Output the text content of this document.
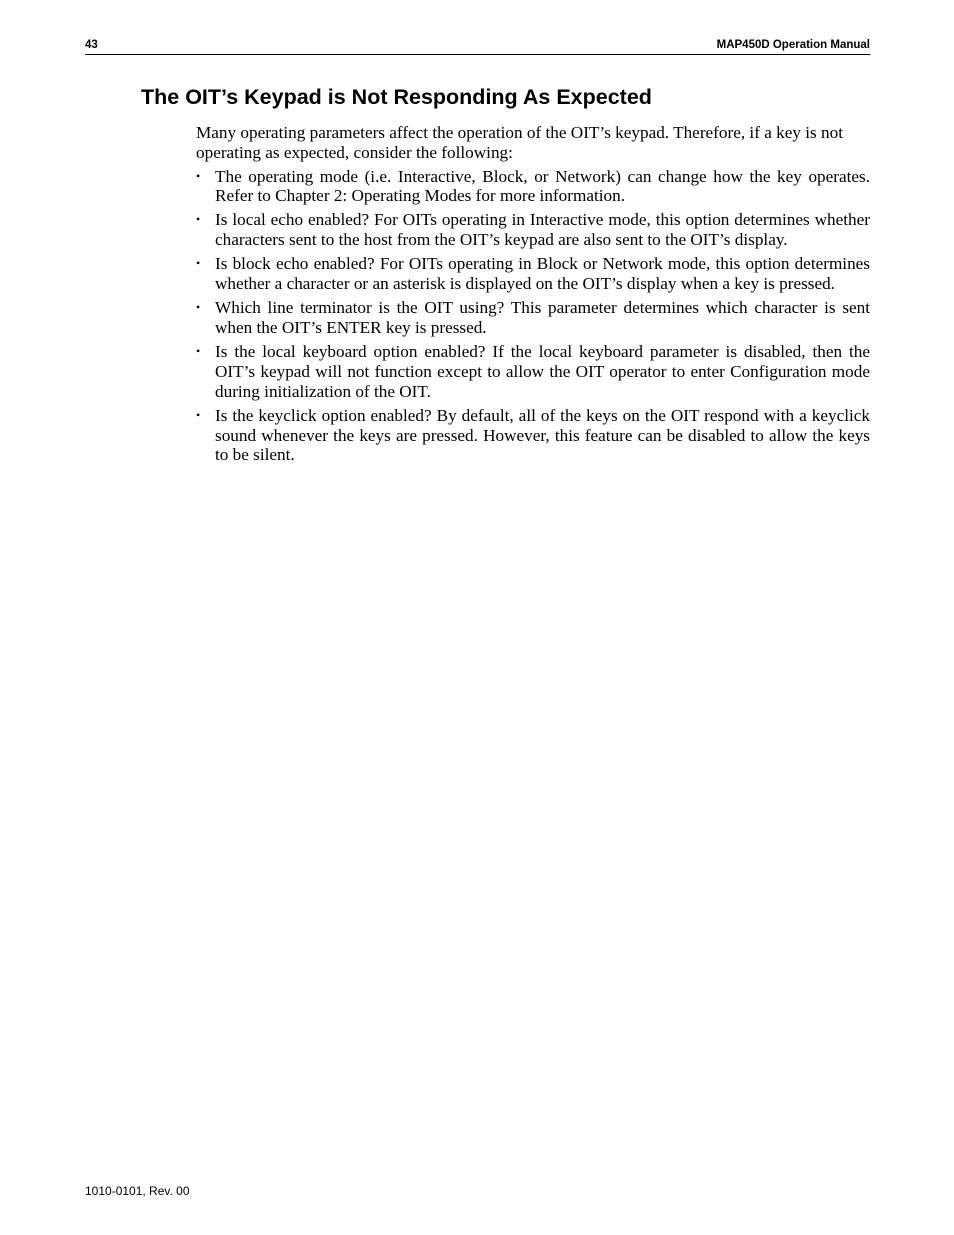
43	MAP450D Operation Manual
The OIT’s Keypad is Not Responding As Expected

Many operating parameters affect the operation of the OIT’s keypad. Therefore, if a key is not operating as expected, consider the following:

• The operating mode (i.e. Interactive, Block, or Network) can change how the key operates. Refer to Chapter 2: Operating Modes for more information.
• Is local echo enabled? For OITs operating in Interactive mode, this option determines whether characters sent to the host from the OIT’s keypad are also sent to the OIT’s display.
• Is block echo enabled? For OITs operating in Block or Network mode, this option determines whether a character or an asterisk is displayed on the OIT’s display when a key is pressed.
• Which line terminator is the OIT using? This parameter determines which character is sent when the OIT’s ENTER key is pressed.
• Is the local keyboard option enabled? If the local keyboard parameter is disabled, then the OIT’s keypad will not function except to allow the OIT operator to enter Configuration mode during initialization of the OIT.
• Is the keyclick option enabled? By default, all of the keys on the OIT respond with a keyclick sound whenever the keys are pressed. However, this feature can be disabled to allow the keys to be silent.
1010-0101, Rev. 00
